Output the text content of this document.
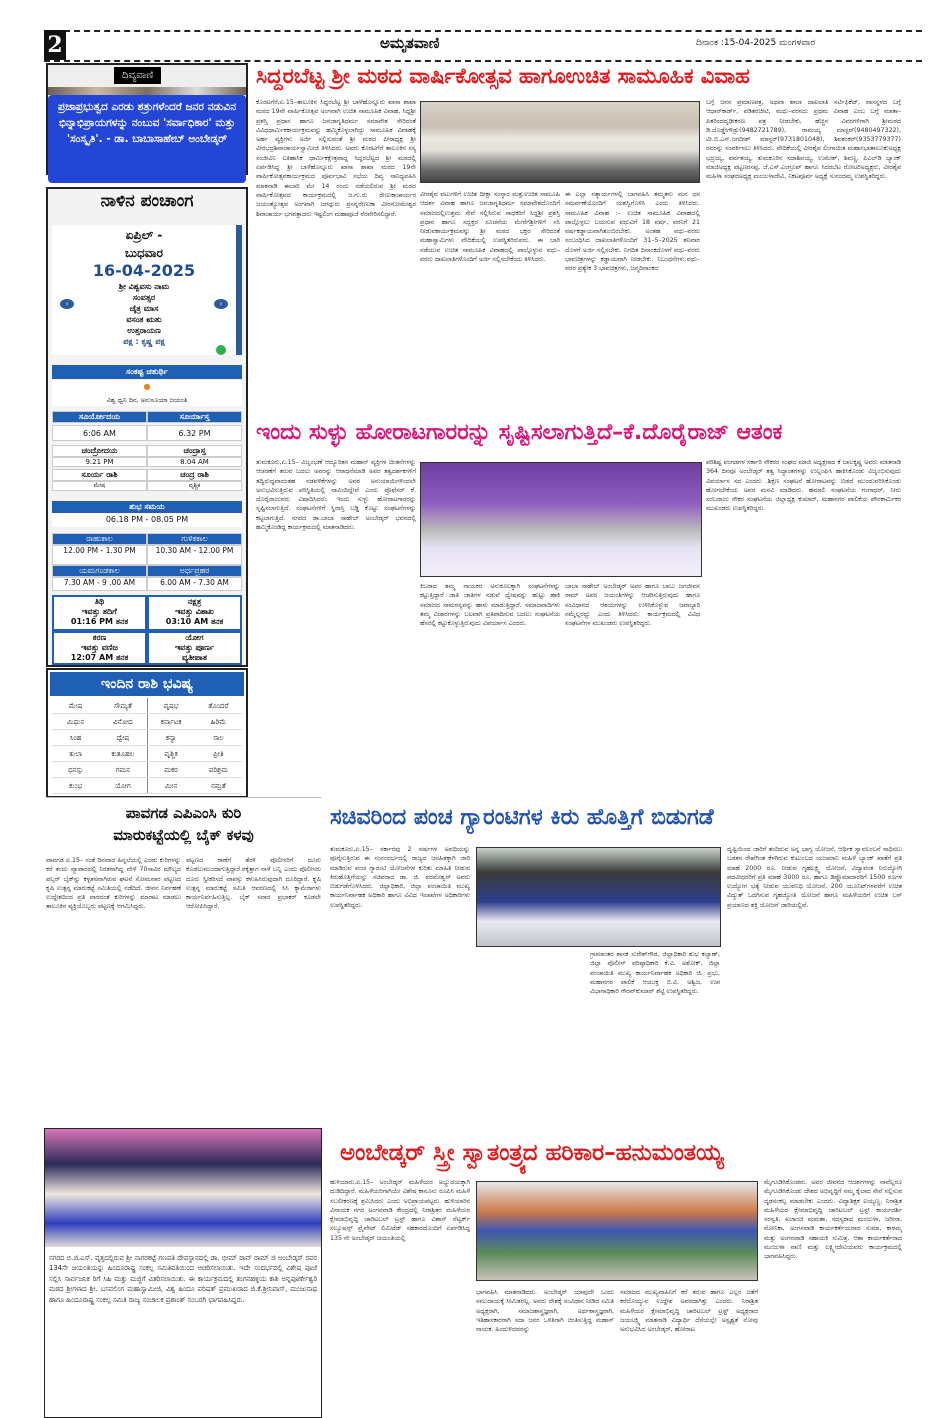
2	ಅಮೃತವಾಣಿ	ದಿನಾಂಕ :15-04-2025 ಮಂಗಳವಾರ
ದಿವ್ಯವಾಣಿ
ಪ್ರಜಾಪ್ರಭುತ್ವದ ಎರಡು ಶತ್ರುಗಳೆಂದರೆ ಜನರ ನಡುವಿನ ಭಿನ್ನಾಭಿಪ್ರಾಯಗಳನ್ನು ನಂಬುವ 'ಸರ್ವಾಧಿಕಾರ' ಮತ್ತು 'ಸಂಸ್ಕೃತಿ'. - ಡಾ. ಬಾಬಾಸಾಹೇಬ್ ಅಂಬೇಡ್ಕರ್
ನಾಳಿನ ಪಂಚಾಂಗ
ಏಪ್ರಿಲ್ -
ಬುಧವಾರ
16-04-2025
ಶ್ರೀ ವಿಶ್ವವಸು ನಾಮ
ಸಂವತ್ಸರ
ಚೈತ್ರ ಮಾಸ
ವಸಂತ ಋತು
ಉತ್ತರಾಯಣ
ಪಕ್ಷ : ಕೃಷ್ಣ ಪಕ್ಷ
‹	›
ಸಂಕಷ್ಟ ಚತುರ್ಥಿ
●
ವಿಶ್ವ ಧ್ವನಿ ದಿನ, ಅನುಸೂಯಾ ಜಯಂತಿ
ಸೂರ್ಯೋದಯ	ಸೂರ್ಯಾಸ್ತ
6:06 AM	6.32 PM
ಚಂದ್ರೋದಯ	ಚಂದ್ರಾಸ್ತ
9.21 PM	8.04 AM
ಸೂರ್ಯ ರಾಶಿ	ಚಂದ್ರ ರಾಶಿ
ಮೇಷ	ವೃಶ್ಚಿಕ
ಶುಭ ಸಮಯ
06.18 PM - 08.05 PM
ರಾಹುಕಾಲ	ಗುಳಿಕಕಾಲ
12.00 PM - 1.30 PM	10.30 AM - 12.00 PM
ಯಮಗಂಡಕಾಲ	ಅರ್ಧಪ್ರಹರ
7.30 AM - 9 .00 AM	6.00 AM - 7.30 AM
ತಿಥಿ
ಇವತ್ತು ತದಿಗೆ
01:16 PM ತನಕ
ನಕ್ಷತ್ರ
ಇವತ್ತು ವಿಶಾಖ
03:10 AM ತನಕ
ಕರಣ
ಇವತ್ತು ವಣಿಜ
12:07 AM ತನಕ
ಯೋಗ
ಇವತ್ತು ಪೂರ್ಣ
ವ್ಯತೀಪಾತ
ಇಂದಿನ ರಾಶಿ ಭವಿಷ್ಯ
ಮೇಷ	ಸೌಮ್ಯತೆ	ವೃಷಭ	ತೊಂದರೆ
ಮಿಥುನ	ವಿನೋದ	ಕರ್ನಾಟಕ	ಹಿರಿಮೆ
ಸಿಂಹ	ದ್ವೇಷ	ಕನ್ಯಾ	ಸಾಲ
ತುಲಾ	ಕುತೂಹಲ	ವೃಶ್ಚಿಕ	ಪ್ರೀತಿ
ಧನಸ್ಸು	ಗಮನ	ಮಕರ	ಪರಿಶ್ರಮ
ಕುಂಭ	ಯೋಗ	ಮೀನ	ನಮ್ರತೆ
ಸಿದ್ದರಬೆಟ್ಟ ಶ್ರೀ ಮಠದ ವಾರ್ಷಿಕೋತ್ಸವ ಹಾಗೂಉಚಿತ ಸಾಮೂಹಿಕ ವಿವಾಹ
ಕೊರಟಗೆರೆ,ಏ.15–ತಾಲೂಕಿನ ಸಿದ್ದರಬೆಟ್ಟ ಶ್ರೀ ಬಾಳೆಹೊನ್ನೂರು ಖಾಸಾ ಶಾಖಾ ಮಠದ 19ನೇ ವಾರ್ಷಿಕೋತ್ಸವ ಅಂಗವಾಗಿ ಉಚಿತ ಸಾಮೂಹಿಕ ವಿವಾಹ, ಸಿದ್ದಶ್ರೀ ಪ್ರಶಸ್ತಿ ಪ್ರಧಾನ ಹಾಗೂ ಜನಜಾಗೃತಿಧರ್ಮ ಸಮಾವೇಶ ಸೇರಿದಂತೆ ವಿವಿಧಧಾರ್ಮಿಕಕಾರ್ಯಕ್ರಮವನ್ನು ಹಮ್ಮಿಕೊಳ್ಳಲಾಗಿದ್ದು ಸಾಮೂಹಿಕ ವಿವಾಹಕ್ಕೆ ಅರ್ಹ ವ್ಯಕ್ತಿಗಳು ಅರ್ಜಿ ಸಲ್ಲಿಸುವಂತೆ ಶ್ರೀ ಮಠದ ಪೀಠಾಧ್ಯಕ್ಷ ಶ್ರೀ ವೀರಭದ್ರಶಿವಾಚಾರ್ಯಸ್ವಾಮೀಜಿ ತಿಳಿಸಿದರು. ಅವರು ಕೊರಟಗೆರೆ ತಾಲೂಕಿನ ಸಸ್ಯ ಸಂಜೀವಿನಿ ಐತಿಹಾಸಿಕ ಧಾರ್ಮಿಕಕ್ಷೇತ್ರವಾದ್ದ ಸಿದ್ದರಬೆಟ್ಟದ ಶ್ರೀ ಮಠದಲ್ಲಿ ಏರ್ಪಡಿಸಿದ್ದ ಶ್ರೀ ಬಾಳೆಹೊನ್ನೂರು ಖಾಸಾ ಶಾಖಾ ಮಠದ 19ನೇ ವಾರ್ಷಿಕೋತ್ಸವಕಾರ್ಯಕ್ರಮದ ಪೂರ್ವಭಾವಿ ಸಭೆಯ ದಿವ್ಯ ಸಾನಿಧ್ಯವಹಿಸಿ ಮಾತನಾಡಿ ಈಬಾರಿ ಮೇ 14 ರಂದು ನಡೆಯಲಿರುವ ಶ್ರೀ ಮಠದ ವಾರ್ಷಿಕೋತ್ಸವದ ಕಾರ್ಯಕ್ರಮದಲ್ಲಿ ಜ.ಗು.ರು ರೇಣುಕಾಚಾರ್ಯರ ಜಯಂತ್ಯೋತ್ಸವ ಅಂಗವಾಗಿ ಜಗದ್ಗುರು ಪ್ರಸನ್ನರೇಣುಕಾ ವೀರಸೋಮೇಶ್ವರ ಶಿವಾಚಾರ್ಯ ಭಗವತ್ಪಾದರು ಇಷ್ಟಲಿಂಗ ಮಹಾಪೂಜೆ ನೆರವೇರಿಸಲಿದ್ದಾರೆ.
ವೀರಶೈವ ವಟುಗಳಿಗೆ ಉಚಿತ ದೀಕ್ಷಾ ಸಂಸ್ಕಾರ ಮತ್ತುಉಚಿತ ಸಾಮೂಹಿ ಆದರ್ಶ ವಿವಾಹ ಹಾಗೂ ಜನಜಾಗೃತಿಧರ್ಮ ಸಮಾವೇಶದೊಂದಿಗೆ ಸಮಾಜದಲ್ಲಿಉತ್ತಮ ಸೇವೆ ಸಲ್ಲಿಸಿರುವ ಸಾಧಕರಿಗೆ ಸಿದ್ದಶ್ರೀ ಪ್ರಶಸ್ತಿ ಪ್ರಧಾನ ಹಾಗೂ ಸದ್ಭಕ್ತರ ಸೂಚನೆಯ ಮೇರೆಗೆಶ್ರೀಗಳಿಗೆ ಸಸಿ ನೀಡುವಕಾರ್ಯಕ್ರಮವನ್ನು ಶ್ರೀ ಮಠದ ಭಕ್ತರ ಸೇರಿದಂತೆ ಮಹಾಸ್ವಾಮಿಗಳು ವೇದಿಕೆಯಲ್ಲಿ ಉಪಸ್ಥಿತರಿರುವರು. ಈ ಬಾರಿ ನಡೆಯುವ ಉಚಿತ ಸಾಮೂಹಿಕ ವಿವಾಹದಲ್ಲಿ ಪಾಲ್ಗೊಳ್ಳುವ ವಧು–ವರರು ದಾಖಲಾತಿಗಳೊಂದಿಗೆ ಅರ್ಜಿ ಸಲ್ಲಿಸಬೇಕೆಂದು ತಿಳಿಸಿದರು.
ಈ ಎಲ್ಲಾ ಸತ್ಕಾರ್ಯಗಳಲ್ಲಿ ಬಾಗವಹಿಸಿ ತಮ್ಮತನು ಮನ ಧನ ಸಮರ್ಪಣೆಯೊಂದಿಗೆ ಯಶಸ್ವಿಗೊಳಿಸಿ ಎಂದು ತಿಳಿಸಿದರು. ಸಾಮೂಹಿಕ ವಿವಾಹ :– ಉಚಿತ ಸಾಮೂಹಿಕ ವಿವಾಹದಲ್ಲಿ ಪಾಲ್ಗೊಳ್ಳಲು ಬಯಸುವ ವಧುವಿಗೆ 18 ವರ್ಷ, ವರನಿಗೆ 21 ವರ್ಷಕಡ್ಡಾಯವಾಗಿತುಂಬಿರಬೇಕು. ಅಂತಹ ವಧು–ವರರು ಸಂಬಂಧಿಸಿದ ದಾಖಲಾತಿಗಳೊಂದಿಗೆ 31–5–2025 ಶನಿವಾರ ದೊಳಗೆ ಅರ್ಜಿ ಸಲ್ಲಿಸಬೇಕು. ನಿಗದಿತ ದಿನಾಂಕದೊಳಗೆ ವಧು–ವರರು ಭಾವಚಿತ್ರಗಳನ್ನು ಕಡ್ಡಾಯವಾಗಿ ನೀಡಬೇಕು. ನಿಬಂಧನೆಗಳು:ವಧು–ವರರ ಪ್ರತ್ಯೇಕ 3 ಭಾವಚಿತ್ರಗಳು, ಜನ್ಮದಿನಾಂಕದ
ಬಗ್ಗೆ ಜನನ ಪ್ರಮಾಣಪತ್ರ, ಅಥವಾ ಶಾಲಾ ದಾಖಲಾತಿ ಸರ್ಟಿಫಿಕೆಟ್, ವಾಸಸ್ಥಳದ ಬಗ್ಗೆ ಆಧಾರ್‌ಕಾರ್ಡ್, ಪಡಿತರಚೀಟಿ, ಮಧು–ವರನದು ಪ್ರಥಮ ವಿವಾಹ ಎಂಬ ಬಗ್ಗೆ ಮಾತಾ–ಪಿತರಿಂದದೃಢೀಕರಣ ಪತ್ರ ನೀಡಬೇಕು, ಹೆಚ್ಚಿನ ವಿವರಗಳಿಗಾಗಿ ಶ್ರೀಮಠದ ಡಿ.ದೊಡ್ಡೇಗೌಡ್ರು(9482721789), ರಾಮಯ್ಯ ಮಾಸ್ಟರ್(9480497322), ವೀ.ಬಿ.ಎಸ್.ಜಗದೀಶ್ ಮಾಸ್ಟರ್(9731801048), ಶಿವಶಂಕರ್(9353779377) ರವರನ್ನು ಸಂಪರ್ಕಿಸಲು ತಿಳಿಸಿದರು. ವೇದಿಕೆಯಲ್ಲಿ ವೀರಶೈವ ಲಿಂಗಾಯಿತ ಮಹಾಸಭಾತಾಲೂಕುಅಧ್ಯಕ್ಷ ಭದ್ರಯ್ಯ, ಪರ್ವತಯ್ಯ, ತುಮಕೂರಿನ ಸದಾಶಿವಯ್ಯ, ಉಮೇಶ್, ಶಿವಣ್ಣ, ಪಿಎಲ್‌ಡಿ ಬ್ಯಾಂಕ್ ಮಾಜಿಅಧ್ಯಕ್ಷ ಪಟ್ಟಣರಸಪ್ಪ, ಜೆ.ಎಸ್.ಎಂಗ್ರೂಪ್ ಹಾಗೂ ಸಿದರಬೆಟ ರೋಟರಿಅಧ್ಯಕ್ಷರು, ವೀರಶೈವ ಮಹಿಳಾ ಸಂಘದಅಧ್ಯಕ್ಷ ಮಂಜುಳಾದೇವಿ, ನಿಕಟಪೂರ್ವ ಅಧ್ಯಕ್ಷೆ ಸುನಂದಮ್ಮ ಉಪಸ್ಥಿತರಿದ್ದರು.
ಇಂದು ಸುಳ್ಳು ಹೋರಾಟಗಾರರನ್ನು ಸೃಷ್ಟಿಸಲಾಗುತ್ತಿದೆ–ಕೆ.ದೊರೈರಾಜ್ ಆತಂಕ
ತುಮಕೂರು,ಏ.15– ವಿಜೃಂಭಣೆ ಆದ್ಯೂರಿತನ ಮಹಾನ್ ವ್ಯಕ್ತಿಗಳ ಚಿಂತನೆಗಳನ್ನು ಆಚರಣೆಗೆ ತರುವ ಬದಲು ಅವರನ್ನು ಆರಾಧನೆಮಾಡಿ ಅವರ ತತ್ವದರ್ಶಕಗಳಿಗೆ ತದ್ವಿರುದ್ಧವಾದಂತಹ ನಡವಳಿಕೆಗಳನ್ನು ಅವರ ಅನುಯಾಯಿಗಳಿಂದಲೇ ಅನುಭವಿಸುತ್ತಿರುವ ಪರಿಸ್ಥಿತಿಯಲ್ಲಿ ನಾವಿಂದಿದ್ದೇವೆ ಎಂದು ಪ್ರೊಫೆಸರ್ ಕೆ. ದೊರೈರಾಜುವರು ವಿಷಾದಿಸಿದರು. ಇಂದು ಸುಳ್ಳು ಹೋರಾಟಗಾರರನ್ನು ಸೃಷ್ಟಿಸಲಾಗುತ್ತಿದೆ. ಸಂಘಟನೆಗಳಿಗೆ ಸ್ಥಿರಾಸ್ತಿ ಬಡ್ಡಿ ಕೊಟ್ಟು ಸಂಘಟನೆಗಳನ್ನು ಕಟ್ಟಲಾಗುತ್ತಿದೆ. ನಗರದ ಡಾ.ಬಾಬಾ ಸಾಹೇಬ್ ಅಂಬೇಡ್ಕರ್ ಭವನದಲ್ಲಿ ಹಮ್ಮಿಕೊಂಡಿದ್ದ ಕಾರ್ಯಕ್ರಮದಲ್ಲಿ ಮಾತನಾಡಿದರು.
ಕಿಬರಾದ ತಮ್ಮ ನಾಯಕರ ಅನುಕೂಲಕ್ಕಾಗಿ ಸಂಘಟನೆಗಳನ್ನು ಕಟ್ಟುತ್ತಿದ್ದಾರೆ ಜಾತಿ ಜಾತಿಗಳ ನಡುವೆ ದ್ವೇಷವನ್ನು ಹುಟ್ಟು ಹಾಕಿ ಸಮಾಜದ ಸಾಮರಸ್ಯವನ್ನು ಹಾಳು ಮಾಡುತ್ತಿದ್ದಾರೆ. ಸಮಾಜವಾದಿಗಳು ತಮ್ಮ ವಿಚಾರಗಳನ್ನು ಬಲವಾಗಿ ಪ್ರತಿಪಾದಿಸುವ ಬದಲು ಸಂಘಟನೆಯ ಹೆಸರಲ್ಲಿ ಕಟ್ಟುಕೊಳ್ಳುತ್ತಿರುವುದು ವಿಪರ್ಯಾಸ ಎಂದರು.
ಬಾಬಾ ಸಾಹೇಬ್ ಅಂಬೇಡ್ಕರ್ ಅವರ ಹಾಗೂ ಬಾಬು ಜಗಜೀವನ ರಾಮ್ ಅವರ ಜಯಂತಿಗಳನ್ನು ಆಚರಿಸುತ್ತಿರುವುದು ಹಾಗೂ ಸಂವಿಧಾನದ ಆಶಯಗಳನ್ನು ಉಳಿಸಿಕೊಳ್ಳುವ ಜವಾಬ್ದಾರಿ ನಮ್ಮೆಲ್ಲರದ್ದು ಎಂದು ತಿಳಿಸಿದರು. ಕಾರ್ಯಕ್ರಮದಲ್ಲಿ ವಿವಿಧ ಸಂಘಟನೆಗಳ ಮುಖಂಡರು ಉಪಸ್ಥಿತರಿದ್ದರು.
ಪರಿಶಿಷ್ಟ ಪಂಗಡಗಳ ಸರ್ಕಾರಿ ನೌಕರರ ಸಂಘದ ಮಾಜಿ ಅಧ್ಯಕ್ಷರಾದ ಕೆ ಬಾಲಕೃಷ್ಣ ಅವರು ಮಾತನಾಡಿ 364 ದಿನವೂ ಅಂಬೇಡ್ಕರ್ ತತ್ವ ಸಿದ್ಧಾಂತಗಳನ್ನು ಉಲ್ಲಂಘಿಸಿ ಹಾಕಿಸಿಕೊಂಡು ವಿಜೃಂಭಿಸುವುದು ವಿಪರ್ಯಾಸ ಸದ ಎಂದರು .ಶಿಕ್ಷಣ ಸಂಘಟನೆ ಹೋರಾಟವನ್ನು ಬಿಡದೆ ಮುಂದುವರಿಸಿಕೊಂಡು ಹೋಗಬೇಕೆಂದು ಅವರ ಮನವಿ ಮಾಡಿದರು. ಹಮಾಲಿ ಸಂಘಟನೆಯ ಗಂಗಾಧರ್, ನೀರು ಸರಬರಾಜು ನೌಕರ ಸಂಘಟನೆಯ ಜಿಲ್ಲಾಧ್ಯಕ್ಷ ಕುಮಾರ್, ಮಹಾನಗರ ಪಾಲಿಕೆಯ ಪೌರಕಾರ್ಮಿಕರ ಮುಖಂಡರು ಉಪಸ್ಥಿತರಿದ್ದರು.
ಪಾವಗಡ ಎಪಿಎಂಸಿ ಕುರಿ
ಮಾರುಕಟ್ಟೆಯಲ್ಲಿ ಬೈಕ್ ಕಳವು
ಪಾವಗಡ ಏ.15– ಸಂತೆ ದಿನವಾದ ಹಿನ್ನಲೆಯಲ್ಲಿ ಎರಡು ಕುರಿಗಳನ್ನು ಕರೆ ತಂದು ವ್ಯಾಪಾರದಲ್ಲಿ ನಿರತನಾಗಿದ್ದ ವೇಳೆ 70ಸಾವಿರ ಮೌಲ್ಯದ ಪಲ್ಸರ್ ಬೈಕ್‌ನ್ನು ಕಳ್ಳತನವಾಗಿರುವ ಘಟನೆ ಸೋಮವಾರ ಪಟ್ಟಣದ ಕೃಷಿ ಉತ್ಪನ್ನ ಮಾರುಕಟ್ಟೆ ಸಮಿತಿಯಲ್ಲಿ ನಡೆದಿದೆ. ಜೀವನ ನಿರ್ವಹಣೆ ಉದ್ದೇಶದಿಂದ ಪ್ರತಿ ವಾರದಂತೆ ಕುರಿಗಳನ್ನು ಮಾರಾಟ ಮಾಡಲು ತಾಲೂಕಿನ ವ್ಯಕ್ತಿಯೊಬ್ಬರು ಪಟ್ಟಣಕ್ಕೆ ಆಗಮಿಸಿದ್ದರು.
ಪಟ್ಟಣದ ಠಾಣೆಗೆ ತೆರಳಿ ಪೊಲೀಸರಿಗೆ ದೂರು ಕೊಡಲುಮುಂದಾಗುತ್ತಿದ್ದಾರೆ.ಠಕ್ಕೆತ್ತಾಗ ನಾಳೆ ಬನ್ನಿ ಎಂದು ಪೊಲೀಸರು ದೂರು ಸ್ವೀಕರಿಸದೆ ವಾಪಸ್ಸು ಕಳುಹಿಸಿರುವುದಾಗಿ ದೂರಿದ್ದಾರೆ. ಕೃಷಿ ಉತ್ಪನ್ನ ಮಾರುಕಟ್ಟೆ ಸಮಿತಿ ಆವರಣದಲ್ಲಿ ಸಿಸಿ ಕ್ಯಾಮೆರಾಗಳು ಕಾರ್ಯನಿರ್ವಹಿಸುತ್ತಿಲ್ಲ. ಬೈಕ್ ಸವಾರ ಪ್ರಭಾಕರ್ ಕೂಡಲೇ ಆರೋಪಿಸಿದ್ದಾರೆ.
ಸಚಿವರಿಂದ ಪಂಚ ಗ್ಯಾರಂಟಿಗಳ ಕಿರು ಹೊತ್ತಿಗೆ ಬಿಡುಗಡೆ
ತುಮಕೂರು,ಏ.15– ಸರ್ಕಾರವು 2 ವರ್ಷಗಳ ಅವಧಿಯನ್ನು ಪೂರೈಸುತ್ತಿರುವ ಈ ಸಂಸಂದರ್ಭದಲ್ಲಿ ರಾಜ್ಯದ ಜನಹಿತಕ್ಕಾಗಿ ಜಾರಿ ಮಾಡಿರುವ ಪಂಚ ಗ್ಯಾರಂಟಿ ಯೋಜನೆಗಳ ಕುರಿತು ಮಾಹಿತಿ ನೀಡುವ ಕಿರುಹೊತ್ತಿಗೆಯನ್ನು ಸಚಿವರಾದ ಡಾ. ಜಿ. ಪರಮೇಶ್ವರ್ ಅವರು ಬಿಡುಗಡೆಗೊಳಿಸಿದರು. ಜಿಲ್ಲಾಧಿಕಾರಿ, ಜಿಲ್ಲಾ ಪಂಚಾಯಿತಿ ಮುಖ್ಯ ಕಾರ್ಯನಿರ್ವಾಹಕ ಅಧಿಕಾರಿ ಹಾಗೂ ವಿವಿಧ ಇಲಾಖೆಗಳ ಅಧಿಕಾರಿಗಳು ಉಪಸ್ಥಿತರಿದ್ದರು.
ಗ್ರಾಮಾಂತರ ಶಾಸಕ ಸುರೇಶ್‌ಗೌಡ, ಜಿಲ್ಲಾಧಿಕಾರಿ ಶುಭ ಕಲ್ಯಾಣ್, ಜಿಲ್ಲಾ ಪೊಲೀಸ್ ವರಿಷ್ಠಾಧಿಕಾರಿ ಕೆ.ವಿ. ಅಶೋಕ್, ಜಿಲ್ಲಾ ಪಂಚಾಯಿತಿ ಮುಖ್ಯ ಕಾರ್ಯನಿರ್ವಾಹಕ ಅಧಿಕಾರಿ ಜಿ. ಪ್ರಭು, ಮಹಾನಗರ ಪಾಲಿಕೆ ಆಯುಕ್ತ ಬಿ.ವಿ. ಅಶ್ವಿಜ, ಉಪ ವಿಭಾಗಾಧಿಕಾರಿ ಗೌರವ್‌ಕುಮಾರ್ ಶೆಟ್ಟಿ ಉಪಸ್ಥಿತರಿದ್ದರು.
ದೃಷ್ಟಿಯಿಂದ ಜಾರಿಗೆ ತಂದಿರುವ ಅನ್ನ ಭಾಗ್ಯ ಯೋಜನೆ, ಆರ್ಥಿಕ ಸ್ವಾವಲಂಬನೆ ಸಾಧಿಸಲು ಬಡತನ ರೇಖೆಗಿಂತ ಕೆಳಗಿರುವ ಕುಟುಂಬದ ಯಜಮಾನಿ ಮಹಿಳೆ ಬ್ಯಾಂಕ್ ಖಾತೆಗೆ ಪ್ರತಿ ಮಾಹೆ 2000 ರೂ. ನೀಡುವ ಗೃಹಲಕ್ಷ್ಮಿ ಯೋಜನೆ, ವಿದ್ಯಾವಂತ ನಿರುದ್ಯೋಗಿ ಪದವೀಧರರಿಗೆ ಪ್ರತಿ ಮಾಹೆ 3000 ರೂ. ಹಾಗೂ ಡಿಪ್ಲೊಮಾದಾರರಿಗೆ 1500 ರೂಗಳ ಉದ್ಯೋಗ ಭತ್ಯೆ ನೀಡುವ ಯುವನಿಧಿ ಯೋಜನೆ, 200 ಯೂನಿಟ್‌ಗಳವರೆಗೆ ಉಚಿತ ವಿದ್ಯುತ್ ಒದಗಿಸುವ ಗೃಹಜ್ಯೋತಿ ಯೋಜನೆ ಹಾಗೂ ಮಹಿಳೆಯರಿಗೆ ಉಚಿತ ಬಸ್ ಪ್ರಯಾಣದ ಶಕ್ತಿ ಯೋಜನೆ ಜಾರಿಯಲ್ಲಿವೆ.
ನಗರದ ಬಿ.ಜಿ.ಎಸ್. ವೃತ್ತದಲ್ಲಿರುವ ಶ್ರೀ ನಾಗರಕಟ್ಟೆ ಗಣಪತಿ ದೇವಸ್ಥಾನದಲ್ಲಿ ಡಾ. ಭೀಮ್ ರಾವ್ ರಾಮ್ ಜಿ ಅಂಬೇಡ್ಕರ್ ರವರ 134ನೇ ಜಯಂತಿಯನ್ನು ಹಿಂದೂರಾಷ್ಟ್ರ ಸಂಕಲ್ಪ ಸಮಿತಿವತಿಯಿಂದ ಆಚರಿಸಲಾಯಿತು. ಇದೇ ಸಂದರ್ಭದಲ್ಲಿ ವಿಶೇಷ ಪೂಜೆ ಸಲ್ಲಿಸಿ ಸಾರ್ವಜನಿಕ ರಿಗೆ ಸಿಹಿ ಮತ್ತು ಮಜ್ಜಿಗೆ ವಿತರಿಸಲಾಯಿತು. ಈ ಕಾರ್ಯಕ್ರಮದಲ್ಲಿ ತಂಗನಹಳ್ಳಿಯ ಕಾಶಿ ಅನ್ನಪೂರ್ಣೇಶ್ವರಿ ಮಠದ ಶ್ರೀಗಳಾದ ಶ್ರೀ. ಬಸವಲಿಂಗ ಮಹಾಸ್ವಾಮೀಜಿ, ವಿಶ್ವ ಹಿಂದೂ ಪರಿಷತ್ ಪ್ರಮುಖರಾದ ಜಿ.ಕೆ.ಶ್ರೀನಿವಾಸ್, ಮಂಜುನಾಥ ಹಾಗೂ ಹಿಂದೂರಾಷ್ಟ್ರ ಸಂಕಲ್ಪ ಸಮಿತಿ ರಾಜ್ಯ ಸಂಚಾಲಕ ಪ್ರಶಾಂತ್ ಸಂಬರಗಿ ಭಾಗವಹಿಸಿದ್ದರು.
ಅಂಬೇಡ್ಕರ್ ಸ್ತ್ರೀ ಸ್ವಾತಂತ್ರ್ಯದ ಹರಿಕಾರ–ಹನುಮಂತಯ್ಯ
ಹುಳಿಯಾರು,ಏ.15– ಅಂಬೇಡ್ಕರ್ ಮಹಿಳೆಯರ ಅಭ್ಯುದಯಕ್ಕಾಗಿ ದುಡಿದಿದ್ದಾರೆ. ಮಹಿಳೆಯರಿಗಾಗಿಯೇ ವಿಶೇಷ ಕಾನೂನು ರೂಪಿಸಿ ಮಹಿಳೆ ಸಬಲೀಕರಣಕ್ಕೆ ಶ್ರಮಿಸಿದರು ಎಂದು ಅಭಿಪ್ರಾಯಪಟ್ಟರು. ಹುಳಿಯಾರಿನ ವಿನಾಯಕ ನಗರ ಅಂಗನವಾಡಿ ಕೇಂದ್ರದಲ್ಲಿ ನಿರಾಶ್ರಿತರ ಮಹಿಳೆಯರ ಕ್ಷೇಮಾಭಿವೃದ್ಧಿ ಚಾರಿಟಬಲ್ ಟ್ರಸ್ಟ್ ಹಾಗೂ ವಿಶಾಸ್ ನೆಟ್ವರ್ಕ್ ಸಲ್ಯೂಷನ್ಸ್ ಪ್ರೈವೇಟ್ ಲಿಮಿಟೆಡ್ ಸಹಕಾರದೊಂದಿಗೆ ಏರ್ಪಡಿಸಿದ್ದ 135 ನೇ ಅಂಬೇಡ್ಕರ್ ಜಯಂತಿಯಲ್ಲಿ
ಭಾಗವಹಿಸಿ ಮಾತನಾಡಿದರು. ಅಂಬೇಡ್ಕರ್ ಯಾವುದೇ ಒಂದು ಸಮುದಾಯಕ್ಕೆ ಸೀಮಿತರಲ್ಲ. ಅವರು ದೇಶಕ್ಕೆ ಸಂವಿಧಾನ ನೀಡಿದ ಸಮಿತಿ ಅಧ್ಯಕ್ಷರಾಗಿ, ಸಮಾಜಶಾಸ್ತ್ರಜ್ಞರಾಗಿ, ಅರ್ಥಶಾಸ್ತ್ರಜ್ಞರಾಗಿ, ಇತಿಹಾಸಕಾರರಾಗಿ ಸದಾ ಜನರ ಒಳಿತಿಗಾಗಿ ಚಿಂತಿಸುತ್ತಿದ್ದ ಮಹಾನ್ ನಾಯಕ. ಹಿಂದುಳಿದವರನ್ನು
ಸಮಾಜದ ಮುಖ್ಯವಾಹಿನಿಗೆ ಕರೆ ತರುವ ಹಾಗೂ ಎಲ್ಲರ ಜತೆಗೆ ಕರೆದೊಯ್ಯುವ ಉದ್ದೇಶ ಅವರದಾಗಿತ್ತು ಎಂದರು. ನಿರಾಶ್ರಿತ ಮಹಿಳೆಯರ ಕ್ಷೇಮಾಭಿವೃದ್ಧಿ ಚಾರಿಟಬಲ್ ಟ್ರಸ್ಟ್ ಅಧ್ಯಕ್ಷರಾದ ಜಯಲಕ್ಷ್ಮಿ ಮಾತನಾಡಿ ವಿದ್ಯಾರ್ಥಿ ದೆಸೆಯಲ್ಲೇ ಅಸ್ಪೃಶ್ಯತೆ ನೋವು ಅನುಭವಿಸಿದ ಅಂಬೇಡ್ಕರ್, ಹೋರಾಟ
ಮೈಗೂಡಿಸಿಕೊಂಡರು. ಅವರ ಜೀವನದ ಆದರ್ಶಗಳನ್ನು ನಾವೆಲ್ಲರೂ ಮೈಗೂಡಿಸಿಕೊಂಡು ದೇಶದ ಅಭಿವೃದ್ಧಿಗೆ ನಮ್ಮ ಕೈಲಾದ ಸೇವೆ ಸಲ್ಲಿಸುವ ದೃಢಸಂಕಲ್ಪ ಮಾಡಬೇಕು ಎಂದರು. ವಿದ್ಯಾಶಿಕ್ಷಕ ಐಯ್ಯಣ್ಣ, ನಿರಾಶ್ರಿತ ಮಹಿಳೆಯರ ಕ್ಷೇಮಾಭಿವೃದ್ಧಿ ಚಾರಿಟಬಲ್ ಟ್ರಸ್ಟ್ ಕಾರ್ಯದರ್ಶಿ ಸರಸ್ವತಿ, ಖಜಾಂಚಿ ಮಮತಾ, ಸದಸ್ಯರಾದ ಮಂಜುಳಾ, ಜರೀನಾ, ಮೋನಿಕಾ, ಅಂಗನವಾಡಿ ಕಾರ್ಯಕರ್ತೆಯರಾದ ಸುಮಾ, ಕಾಳಮ್ಮ ಮತ್ತು ಅಂಗನವಾಡಿ ಸಹಾಯಕಿ ಸುಮಿತ್ರ, ಆಶಾ ಕಾರ್ಯಕರ್ತೆರಾದ ಮಂಜುಳಾ ವಾಣಿ ಮತ್ತು ಲಕ್ಷ್ಮೀದೇವಿಯವರು ಕಾರ್ಯಕ್ರಮದಲ್ಲಿ ಭಾಗವಹಿಸಿದ್ದರು.
